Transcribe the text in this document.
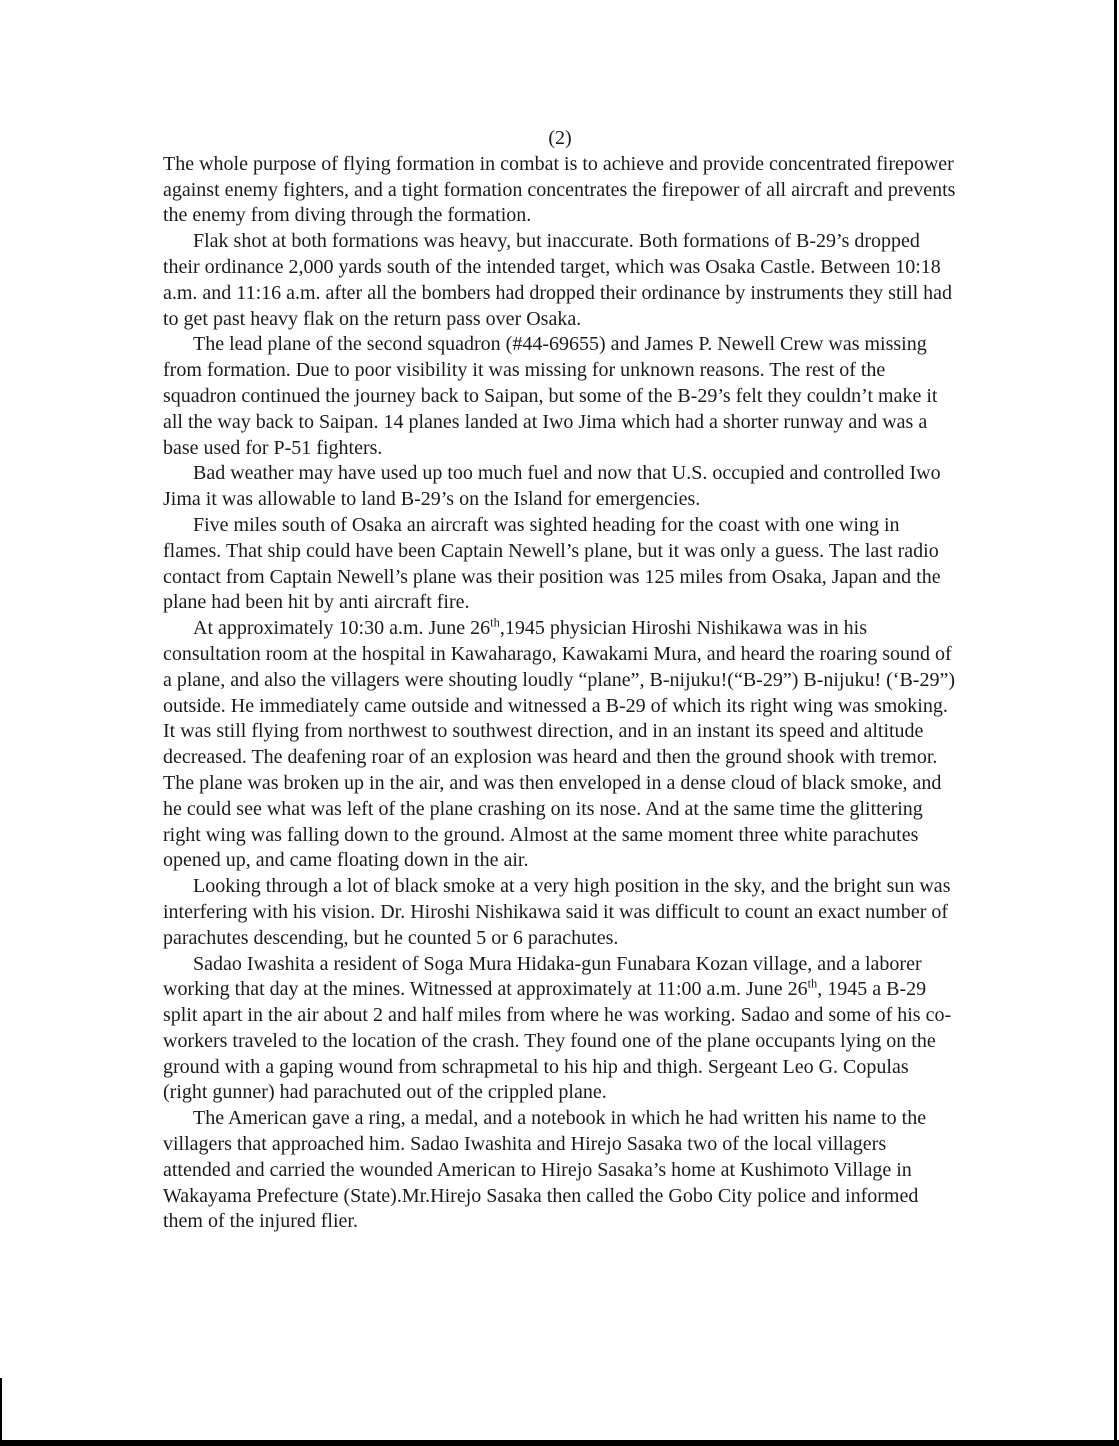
(2)

The whole purpose of flying formation in combat is to achieve and provide concentrated firepower against enemy fighters, and a tight formation concentrates the firepower of all aircraft and prevents the enemy from diving through the formation.

Flak shot at both formations was heavy, but inaccurate. Both formations of B-29’s dropped their ordinance 2,000 yards south of the intended target, which was Osaka Castle. Between 10:18 a.m. and 11:16 a.m. after all the bombers had dropped their ordinance by instruments they still had to get past heavy flak on the return pass over Osaka.

The lead plane of the second squadron (#44-69655) and James P. Newell Crew was missing from formation. Due to poor visibility it was missing for unknown reasons. The rest of the squadron continued the journey back to Saipan, but some of the B-29’s felt they couldn’t make it all the way back to Saipan. 14 planes landed at Iwo Jima which had a shorter runway and was a base used for P-51 fighters.

Bad weather may have used up too much fuel and now that U.S. occupied and controlled Iwo Jima it was allowable to land B-29’s on the Island for emergencies.

Five miles south of Osaka an aircraft was sighted heading for the coast with one wing in flames. That ship could have been Captain Newell’s plane, but it was only a guess. The last radio contact from Captain Newell’s plane was their position was 125 miles from Osaka, Japan and the plane had been hit by anti aircraft fire.

At approximately 10:30 a.m. June 26th,1945 physician Hiroshi Nishikawa was in his consultation room at the hospital in Kawaharago, Kawakami Mura, and heard the roaring sound of a plane, and also the villagers were shouting loudly “plane”, B-nijuku!(“B-29”) B-nijuku! (‘B-29”) outside. He immediately came outside and witnessed a B-29 of which its right wing was smoking. It was still flying from northwest to southwest direction, and in an instant its speed and altitude decreased. The deafening roar of an explosion was heard and then the ground shook with tremor. The plane was broken up in the air, and was then enveloped in a dense cloud of black smoke, and he could see what was left of the plane crashing on its nose. And at the same time the glittering right wing was falling down to the ground. Almost at the same moment three white parachutes opened up, and came floating down in the air.

Looking through a lot of black smoke at a very high position in the sky, and the bright sun was interfering with his vision. Dr. Hiroshi Nishikawa said it was difficult to count an exact number of parachutes descending, but he counted 5 or 6 parachutes.

Sadao Iwashita a resident of Soga Mura Hidaka-gun Funabara Kozan village, and a laborer working that day at the mines. Witnessed at approximately at 11:00 a.m. June 26th, 1945 a B-29 split apart in the air about 2 and half miles from where he was working. Sadao and some of his co-workers traveled to the location of the crash. They found one of the plane occupants lying on the ground with a gaping wound from schrapmetal to his hip and thigh. Sergeant Leo G. Copulas (right gunner) had parachuted out of the crippled plane.

The American gave a ring, a medal, and a notebook in which he had written his name to the villagers that approached him. Sadao Iwashita and Hirejo Sasaka two of the local villagers attended and carried the wounded American to Hirejo Sasaka’s home at Kushimoto Village in Wakayama Prefecture (State).Mr.Hirejo Sasaka then called the Gobo City police and informed them of the injured flier.
